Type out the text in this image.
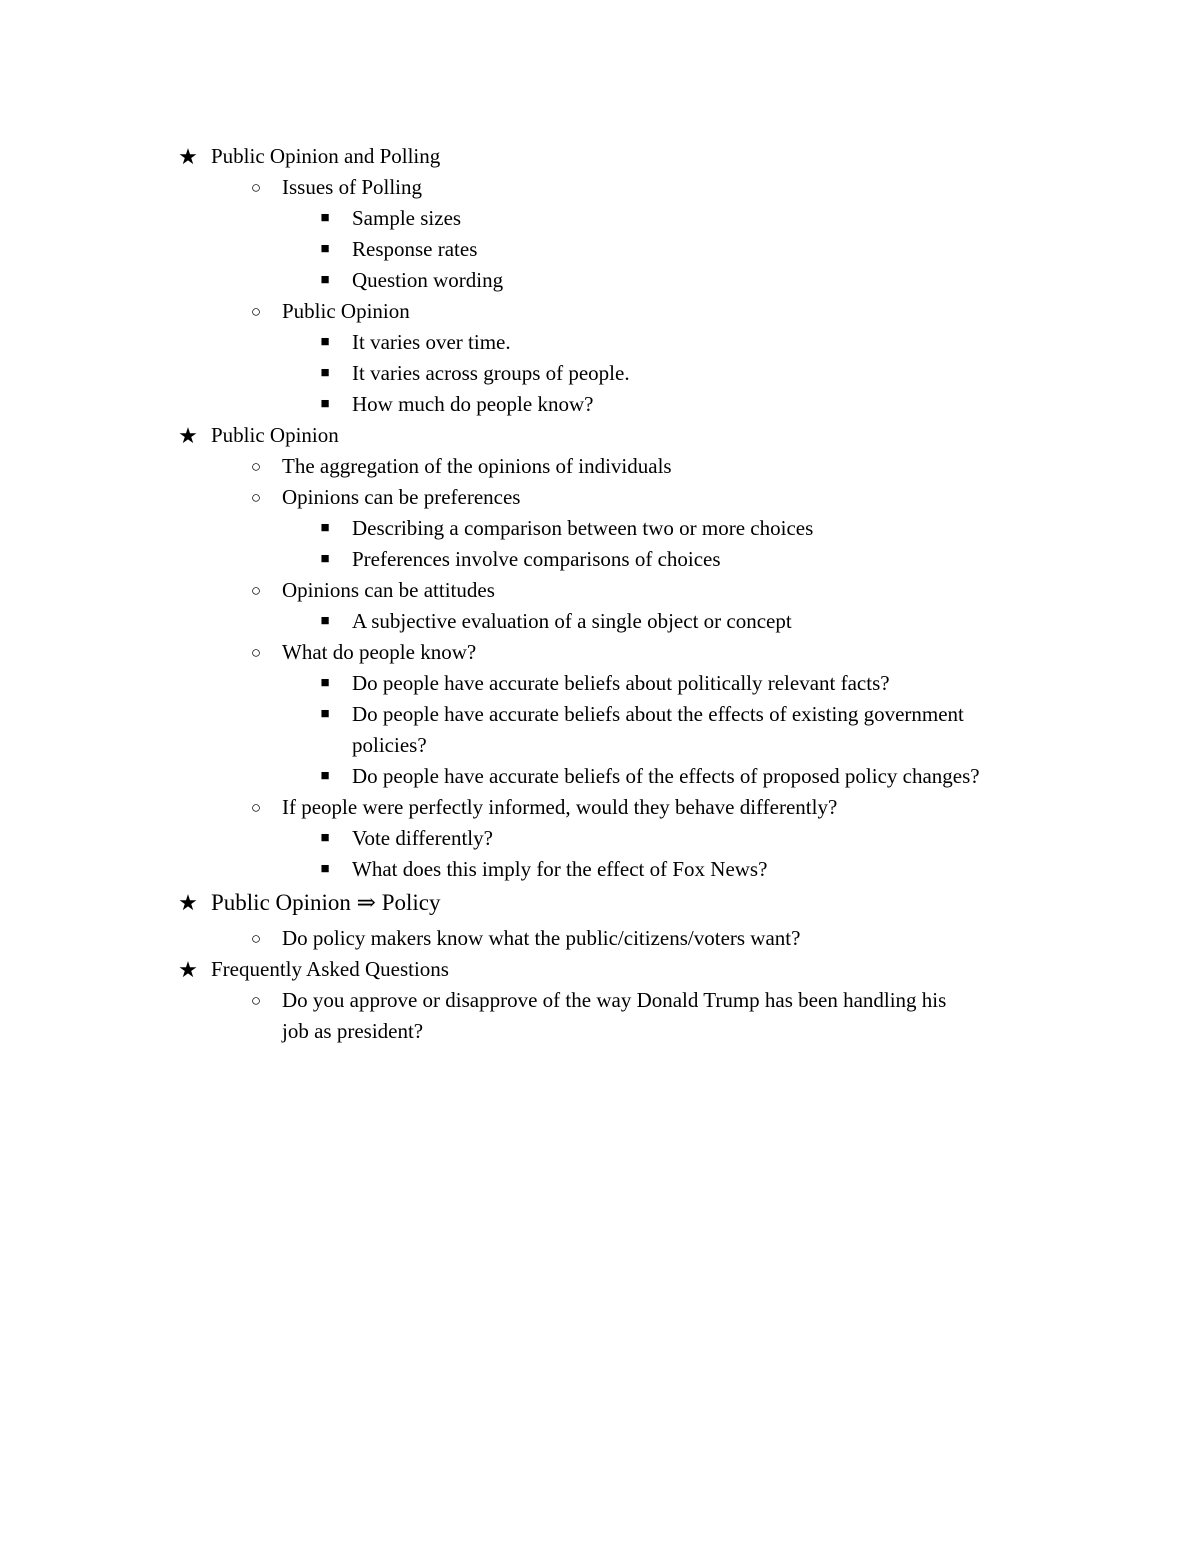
★ Public Opinion and Polling
○ Issues of Polling
■ Sample sizes
■ Response rates
■ Question wording
○ Public Opinion
■ It varies over time.
■ It varies across groups of people.
■ How much do people know?
★ Public Opinion
○ The aggregation of the opinions of individuals
○ Opinions can be preferences
■ Describing a comparison between two or more choices
■ Preferences involve comparisons of choices
○ Opinions can be attitudes
■ A subjective evaluation of a single object or concept
○ What do people know?
■ Do people have accurate beliefs about politically relevant facts?
■ Do people have accurate beliefs about the effects of existing government
policies?
■ Do people have accurate beliefs of the effects of proposed policy changes?
○ If people were perfectly informed, would they behave differently?
■ Vote differently?
■ What does this imply for the effect of Fox News?
★ Public Opinion ⇒ Policy
○ Do policy makers know what the public/citizens/voters want?
★ Frequently Asked Questions
○ Do you approve or disapprove of the way Donald Trump has been handling his
job as president?
